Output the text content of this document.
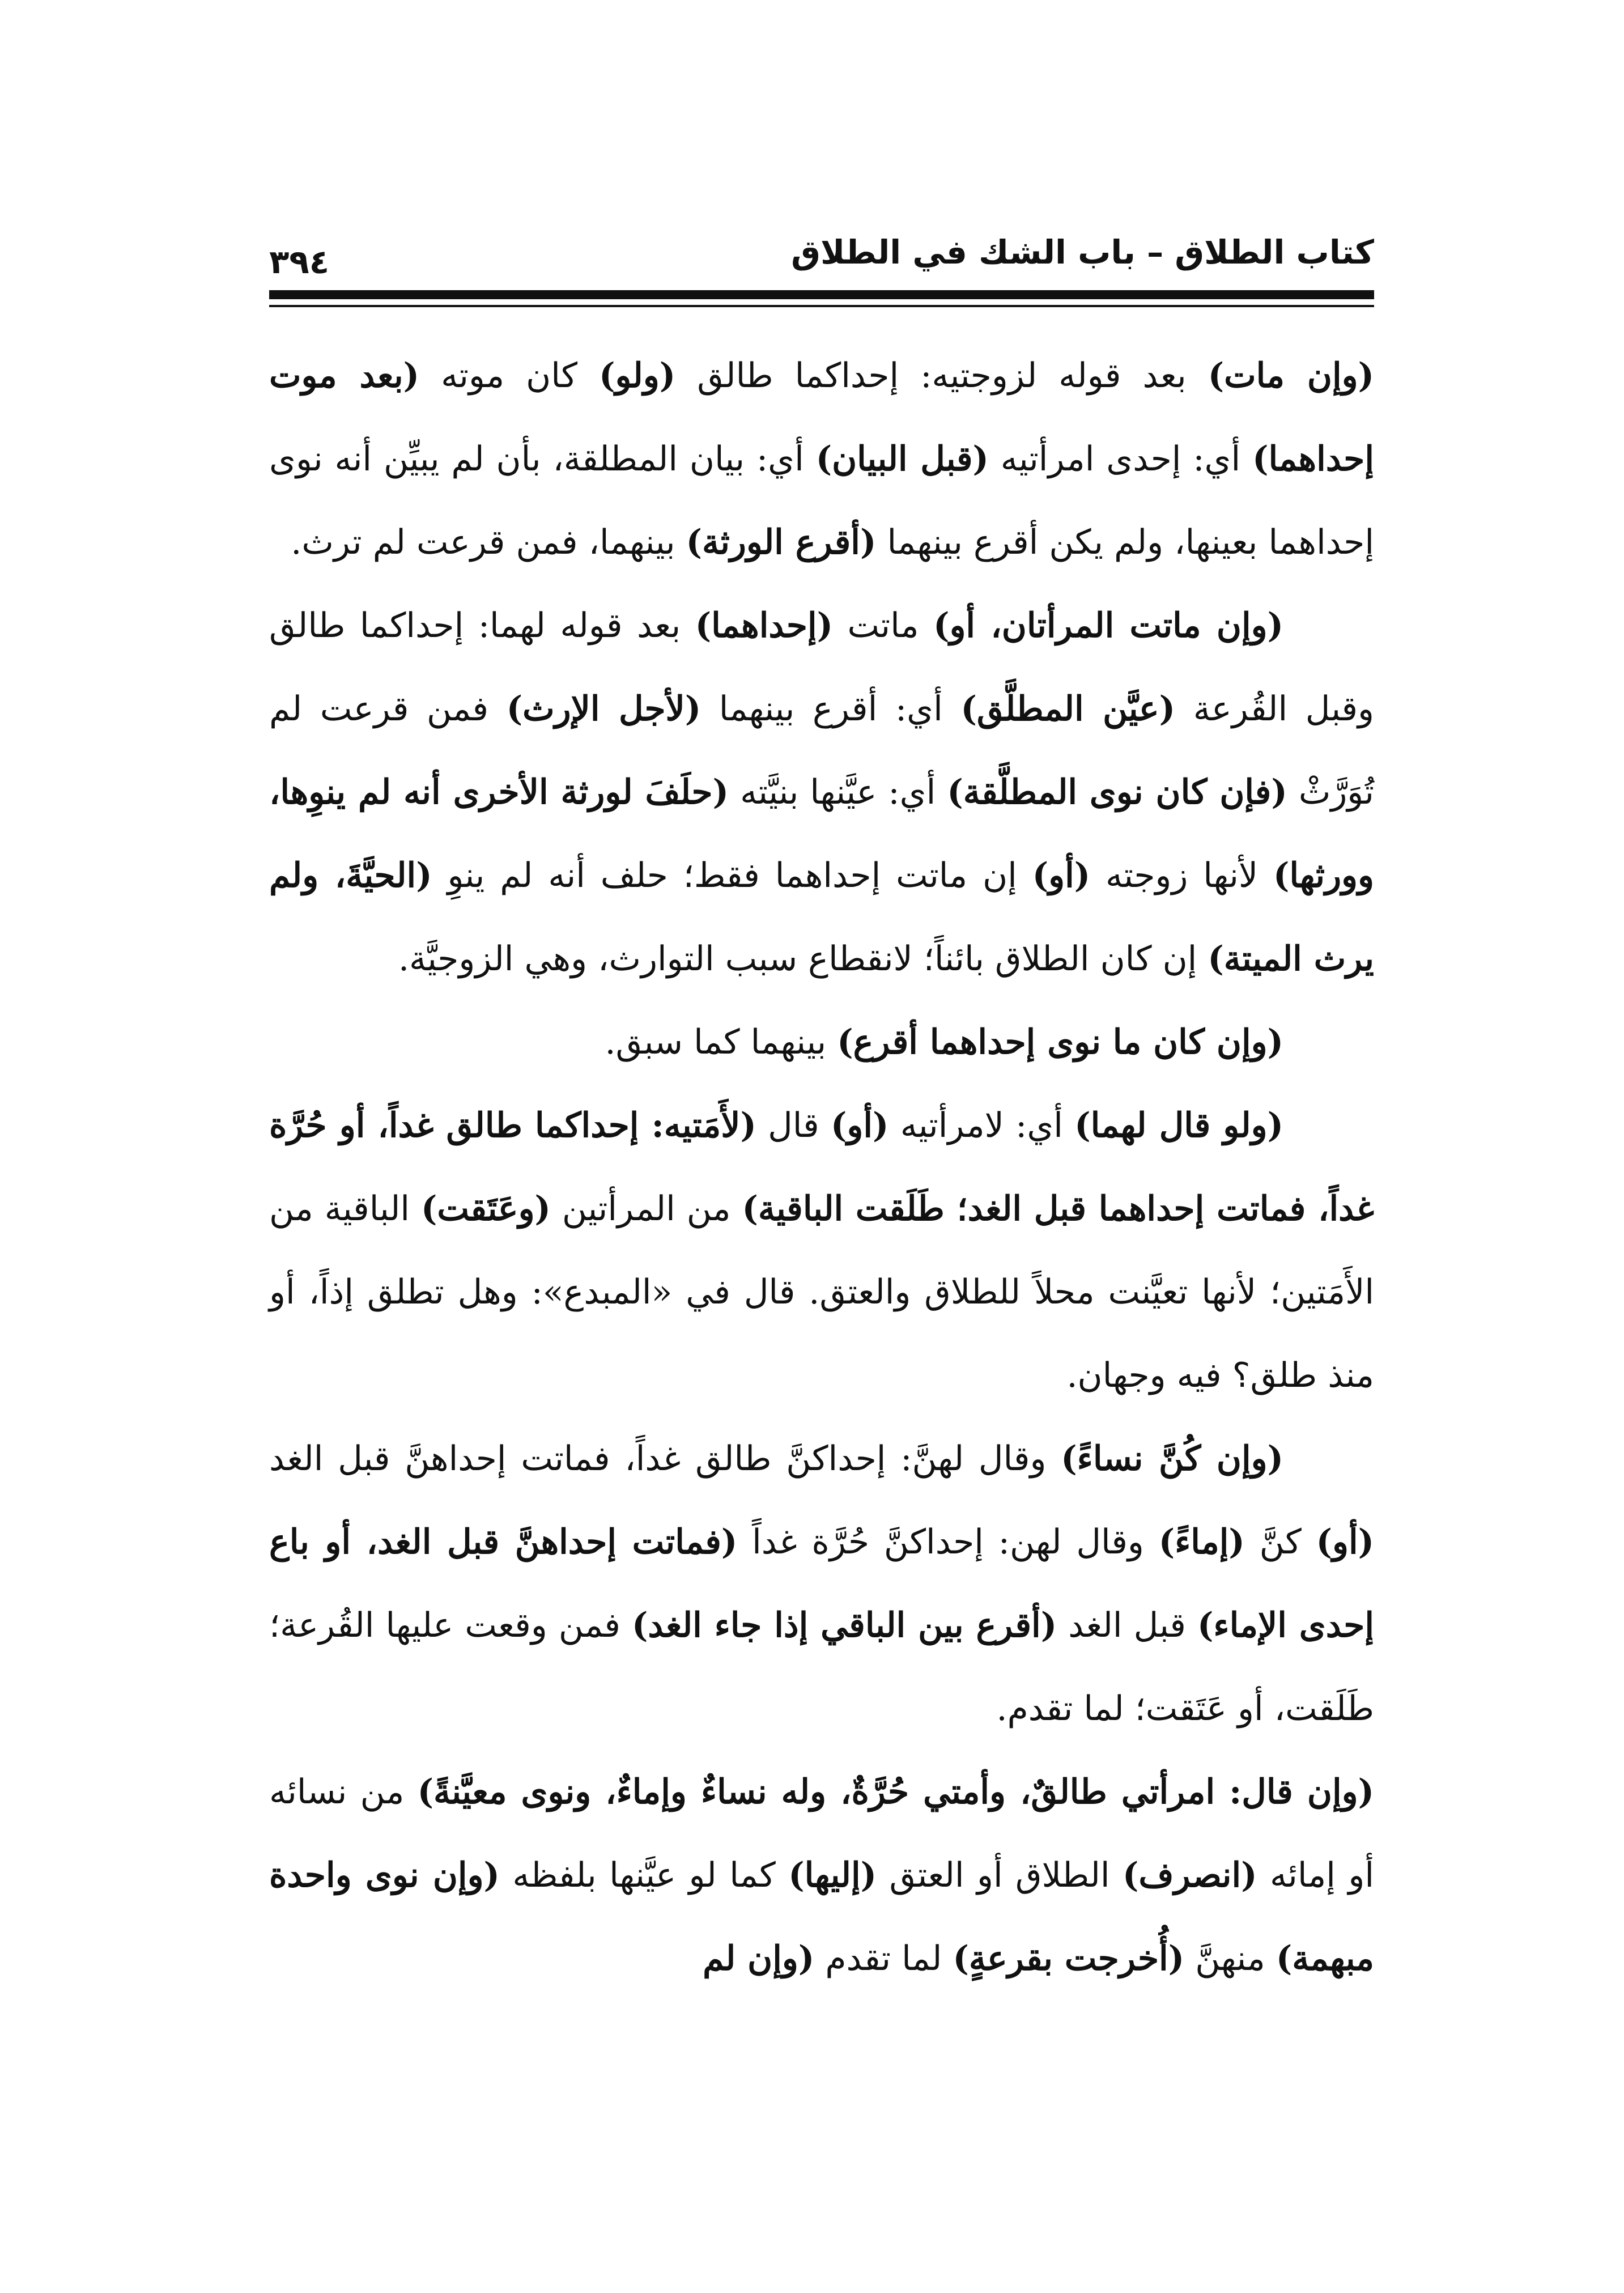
كتاب الطلاق – باب الشك في الطلاق
٣٩٤

(وإن مات) بعد قوله لزوجتيه: إحداكما طالق (ولو) كان موته (بعد موت إحداهما) أي: إحدى امرأتيه (قبل البيان) أي: بيان المطلقة، بأن لم يبيِّن أنه نوى إحداهما بعينها، ولم يكن أقرع بينهما (أقرع الورثة) بينهما، فمن قرعت لم ترث.

(وإن ماتت المرأتان، أو) ماتت (إحداهما) بعد قوله لهما: إحداكما طالق وقبل القُرعة (عيَّن المطلَّق) أي: أقرع بينهما (لأجل الإرث) فمن قرعت لم تُوَرَّثْ (فإن كان نوى المطلَّقة) أي: عيَّنها بنيَّته (حلَفَ لورثة الأخرى أنه لم ينوِها، وورثها) لأنها زوجته (أو) إن ماتت إحداهما فقط؛ حلف أنه لم ينوِ (الحيَّةَ، ولم يرث الميتة) إن كان الطلاق بائناً؛ لانقطاع سبب التوارث، وهي الزوجيَّة.

(وإن كان ما نوى إحداهما أقرع) بينهما كما سبق.

(ولو قال لهما) أي: لامرأتيه (أو) قال (لأَمَتيه: إحداكما طالق غداً، أو حُرَّة غداً، فماتت إحداهما قبل الغد؛ طَلَقت الباقية) من المرأتين (وعَتَقت) الباقية من الأَمَتين؛ لأنها تعيَّنت محلاً للطلاق والعتق. قال في «المبدع»: وهل تطلق إذاً، أو منذ طلق؟ فيه وجهان.

(وإن كُنَّ نساءً) وقال لهنَّ: إحداكنَّ طالق غداً، فماتت إحداهنَّ قبل الغد (أو) كنَّ (إماءً) وقال لهن: إحداكنَّ حُرَّة غداً (فماتت إحداهنَّ قبل الغد، أو باع إحدى الإماء) قبل الغد (أقرع بين الباقي إذا جاء الغد) فمن وقعت عليها القُرعة؛ طَلَقت، أو عَتَقت؛ لما تقدم.

(وإن قال: امرأتي طالقٌ، وأمتي حُرَّةٌ، وله نساءٌ وإماءٌ، ونوى معيَّنةً) من نسائه أو إمائه (انصرف) الطلاق أو العتق (إليها) كما لو عيَّنها بلفظه (وإن نوى واحدة مبهمة) منهنَّ (أُخرجت بقرعةٍ) لما تقدم (وإن لم
